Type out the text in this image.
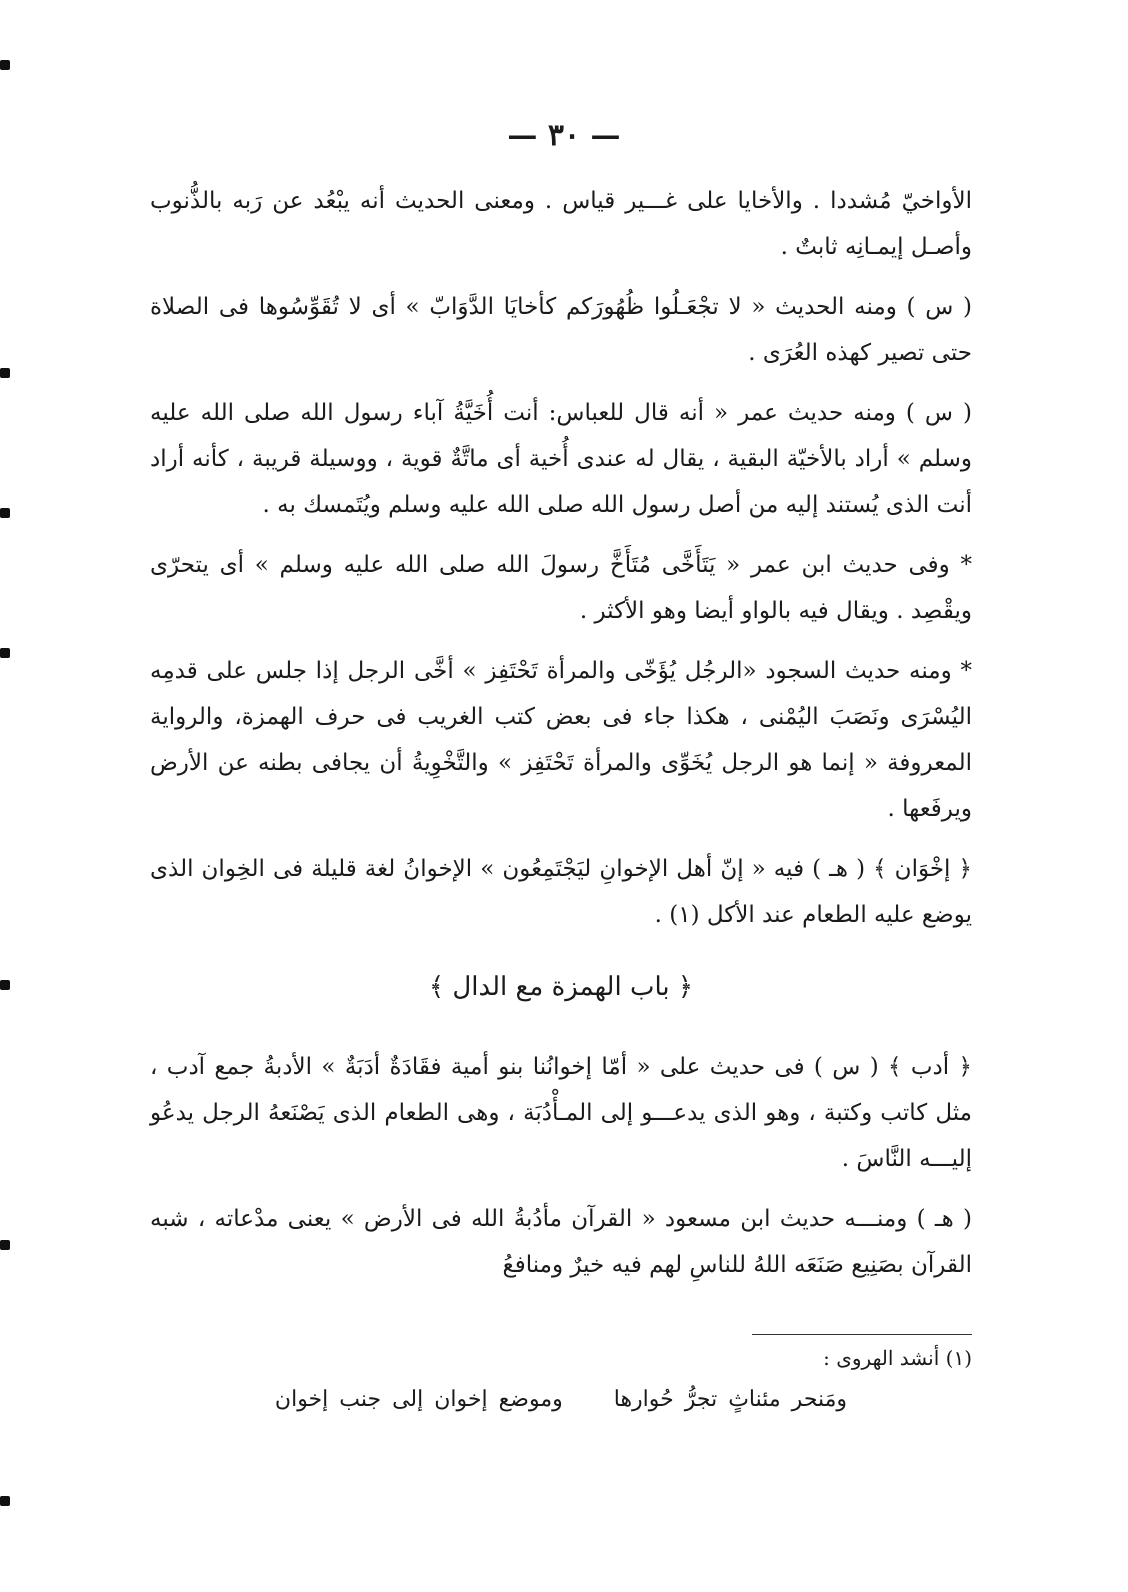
— ٣٠ —

الأواخيّ مُشددا . والأخايا على غـــير قياس . ومعنى الحديث أنه يبْعُد عن رَبه بالذُّنوب وأصـل إيمـانِه ثابتٌ .

( س ) ومنه الحديث « لا تجْعَـلُوا ظُهُورَكم كأخايَا الدَّوَابّ » أى لا تُقَوِّسُوها فى الصلاة حتى تصير كهذه العُرَى .

( س ) ومنه حديث عمر « أنه قال للعباس: أنت أُخَيَّةُ آباء رسول الله صلى الله عليه وسلم » أراد بالأخيّة البقية ، يقال له عندى أُخية أى ماتَّةٌ قوية ، ووسيلة قريبة ، كأنه أراد أنت الذى يُستند إليه من أصل رسول الله صلى الله عليه وسلم ويُتَمسك به .

* وفى حديث ابن عمر « يَتَأَخَّى مُتَأَخَّ رسولَ الله صلى الله عليه وسلم » أى يتحرّى ويقْصِد . ويقال فيه بالواو أيضا وهو الأكثر .

* ومنه حديث السجود «الرجُل يُؤَخّى والمرأة تَحْتَفِز » أخَّى الرجل إذا جلس على قدمِه اليُسْرَى ونَصَبَ اليُمْنى ، هكذا جاء فى بعض كتب الغريب فى حرف الهمزة، والرواية المعروفة « إنما هو الرجل يُخَوِّى والمرأة تَحْتَفِز » والتَّخْوِيةُ أن يجافى بطنه عن الأرض ويرفَعها .

﴿ إخْوَان ﴾ ( هـ ) فيه « إنّ أهل الإخوانِ ليَجْتَمِعُون » الإخوانُ لغة قليلة فى الخِوان الذى يوضع عليه الطعام عند الأكل (١) .

﴿ باب الهمزة مع الدال ﴾

﴿ أدب ﴾ ( س ) فى حديث على « أمّا إخوانُنا بنو أمية فقَادَةٌ أدَبَةٌ » الأدبةُ جمع آدب ، مثل كاتب وكتبة ، وهو الذى يدعـــو إلى المـأْدُبَة ، وهى الطعام الذى يَصْنَعهُ الرجل يدعُو إليـــه النَّاسَ .

( هـ ) ومنـــه حديث ابن مسعود « القرآن مأدُبةُ الله فى الأرض » يعنى مدْعاته ، شبه القرآن بصَنِيع صَنَعَه اللهُ للناسِ لهم فيه خيرٌ ومنافعُ

(١) أنشد الهروى :
ومَنحر مئناثٍ تجرُّ حُوارها وموضع إخوان إلى جنب إخوان
